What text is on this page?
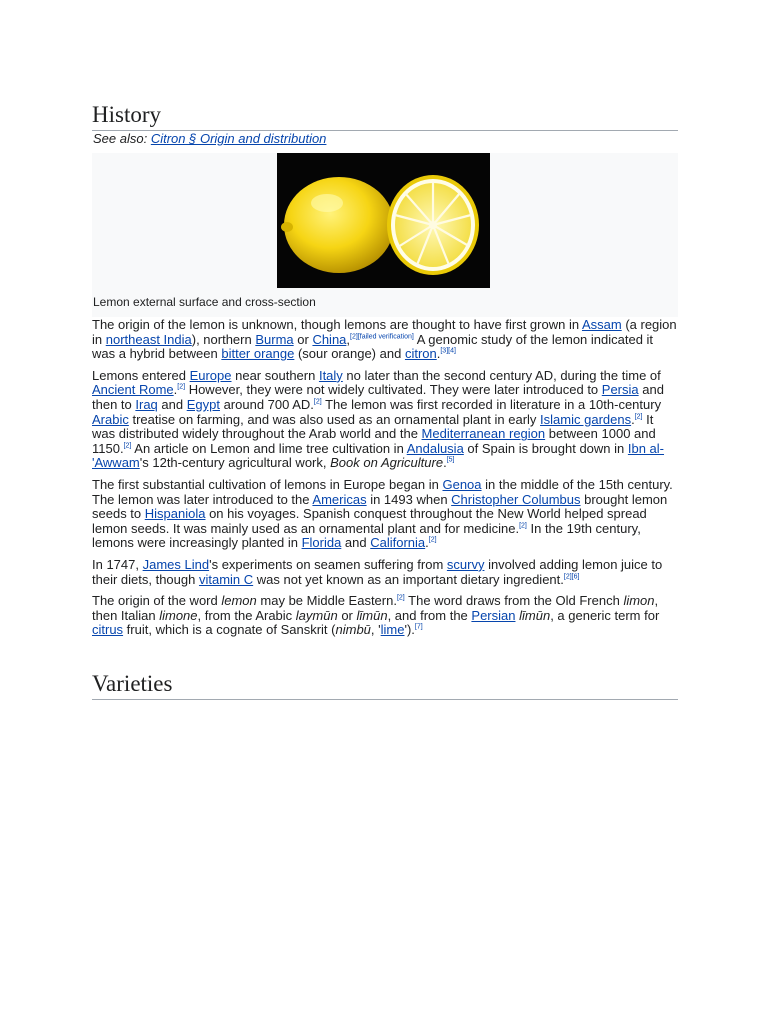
History
See also: Citron § Origin and distribution
Lemon external surface and cross-section

The origin of the lemon is unknown, though lemons are thought to have first grown in Assam (a region in northeast India), northern Burma or China,[2][failed verification] A genomic study of the lemon indicated it was a hybrid between bitter orange (sour orange) and citron.[3][4]

Lemons entered Europe near southern Italy no later than the second century AD, during the time of Ancient Rome.[2] However, they were not widely cultivated. They were later introduced to Persia and then to Iraq and Egypt around 700 AD.[2] The lemon was first recorded in literature in a 10th-century Arabic treatise on farming, and was also used as an ornamental plant in early Islamic gardens.[2] It was distributed widely throughout the Arab world and the Mediterranean region between 1000 and 1150.[2] An article on Lemon and lime tree cultivation in Andalusia of Spain is brought down in Ibn al-'Awwam's 12th-century agricultural work, Book on Agriculture.[5]

The first substantial cultivation of lemons in Europe began in Genoa in the middle of the 15th century. The lemon was later introduced to the Americas in 1493 when Christopher Columbus brought lemon seeds to Hispaniola on his voyages. Spanish conquest throughout the New World helped spread lemon seeds. It was mainly used as an ornamental plant and for medicine.[2] In the 19th century, lemons were increasingly planted in Florida and California.[2]

In 1747, James Lind's experiments on seamen suffering from scurvy involved adding lemon juice to their diets, though vitamin C was not yet known as an important dietary ingredient.[2][6]

The origin of the word lemon may be Middle Eastern.[2] The word draws from the Old French limon, then Italian limone, from the Arabic laymūn or līmūn, and from the Persian līmūn, a generic term for citrus fruit, which is a cognate of Sanskrit (nimbū, 'lime').[7]

Varieties
